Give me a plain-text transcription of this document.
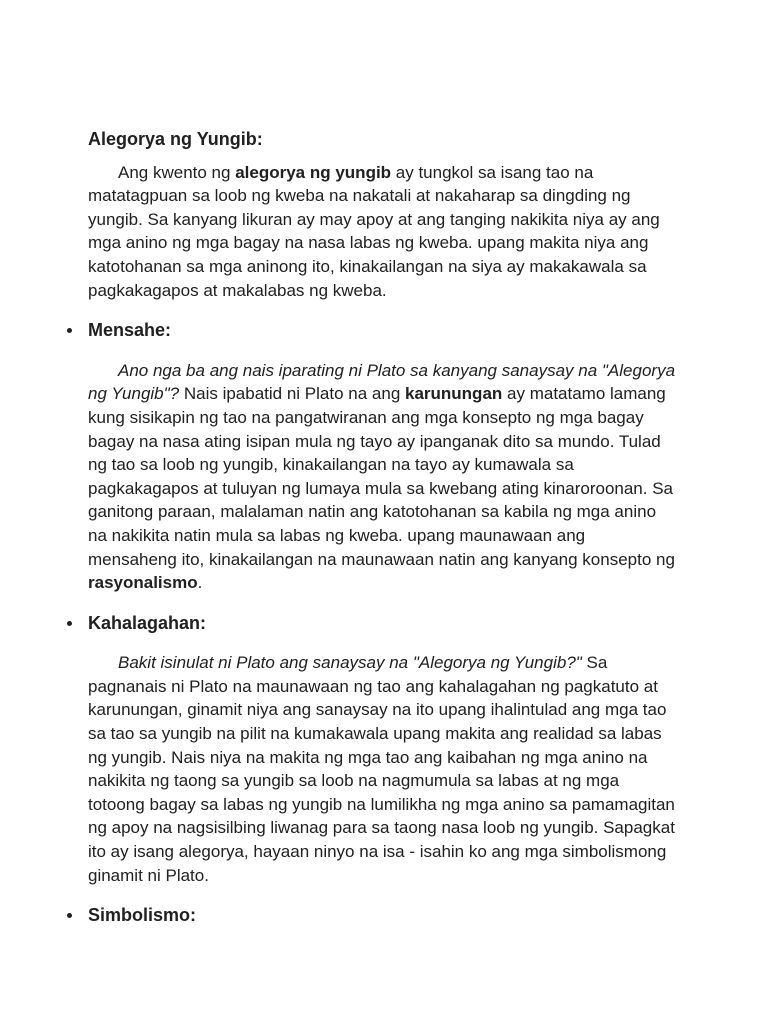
Alegorya ng Yungib:
Ang kwento ng alegorya ng yungib ay tungkol sa isang tao na
matatagpuan sa loob ng kweba na nakatali at nakaharap sa dingding ng
yungib. Sa kanyang likuran ay may apoy at ang tanging nakikita niya ay ang
mga anino ng mga bagay na nasa labas ng kweba. upang makita niya ang
katotohanan sa mga aninong ito, kinakailangan na siya ay makakawala sa
pagkakagapos at makalabas ng kweba.
Mensahe:
Ano nga ba ang nais iparating ni Plato sa kanyang sanaysay na "Alegorya
ng Yungib"? Nais ipabatid ni Plato na ang karunungan ay matatamo lamang
kung sisikapin ng tao na pangatwiranan ang mga konsepto ng mga bagay
bagay na nasa ating isipan mula ng tayo ay ipanganak dito sa mundo. Tulad
ng tao sa loob ng yungib, kinakailangan na tayo ay kumawala sa
pagkakagapos at tuluyan ng lumaya mula sa kwebang ating kinaroroonan. Sa
ganitong paraan, malalaman natin ang katotohanan sa kabila ng mga anino
na nakikita natin mula sa labas ng kweba. upang maunawaan ang
mensaheng ito, kinakailangan na maunawaan natin ang kanyang konsepto ng
rasyonalismo.
Kahalagahan:
Bakit isinulat ni Plato ang sanaysay na "Alegorya ng Yungib?" Sa
pagnanais ni Plato na maunawaan ng tao ang kahalagahan ng pagkatuto at
karunungan, ginamit niya ang sanaysay na ito upang ihalintulad ang mga tao
sa tao sa yungib na pilit na kumakawala upang makita ang realidad sa labas
ng yungib. Nais niya na makita ng mga tao ang kaibahan ng mga anino na
nakikita ng taong sa yungib sa loob na nagmumula sa labas at ng mga
totoong bagay sa labas ng yungib na lumilikha ng mga anino sa pamamagitan
ng apoy na nagsisilbing liwanag para sa taong nasa loob ng yungib. Sapagkat
ito ay isang alegorya, hayaan ninyo na isa - isahin ko ang mga simbolismong
ginamit ni Plato.
Simbolismo:
